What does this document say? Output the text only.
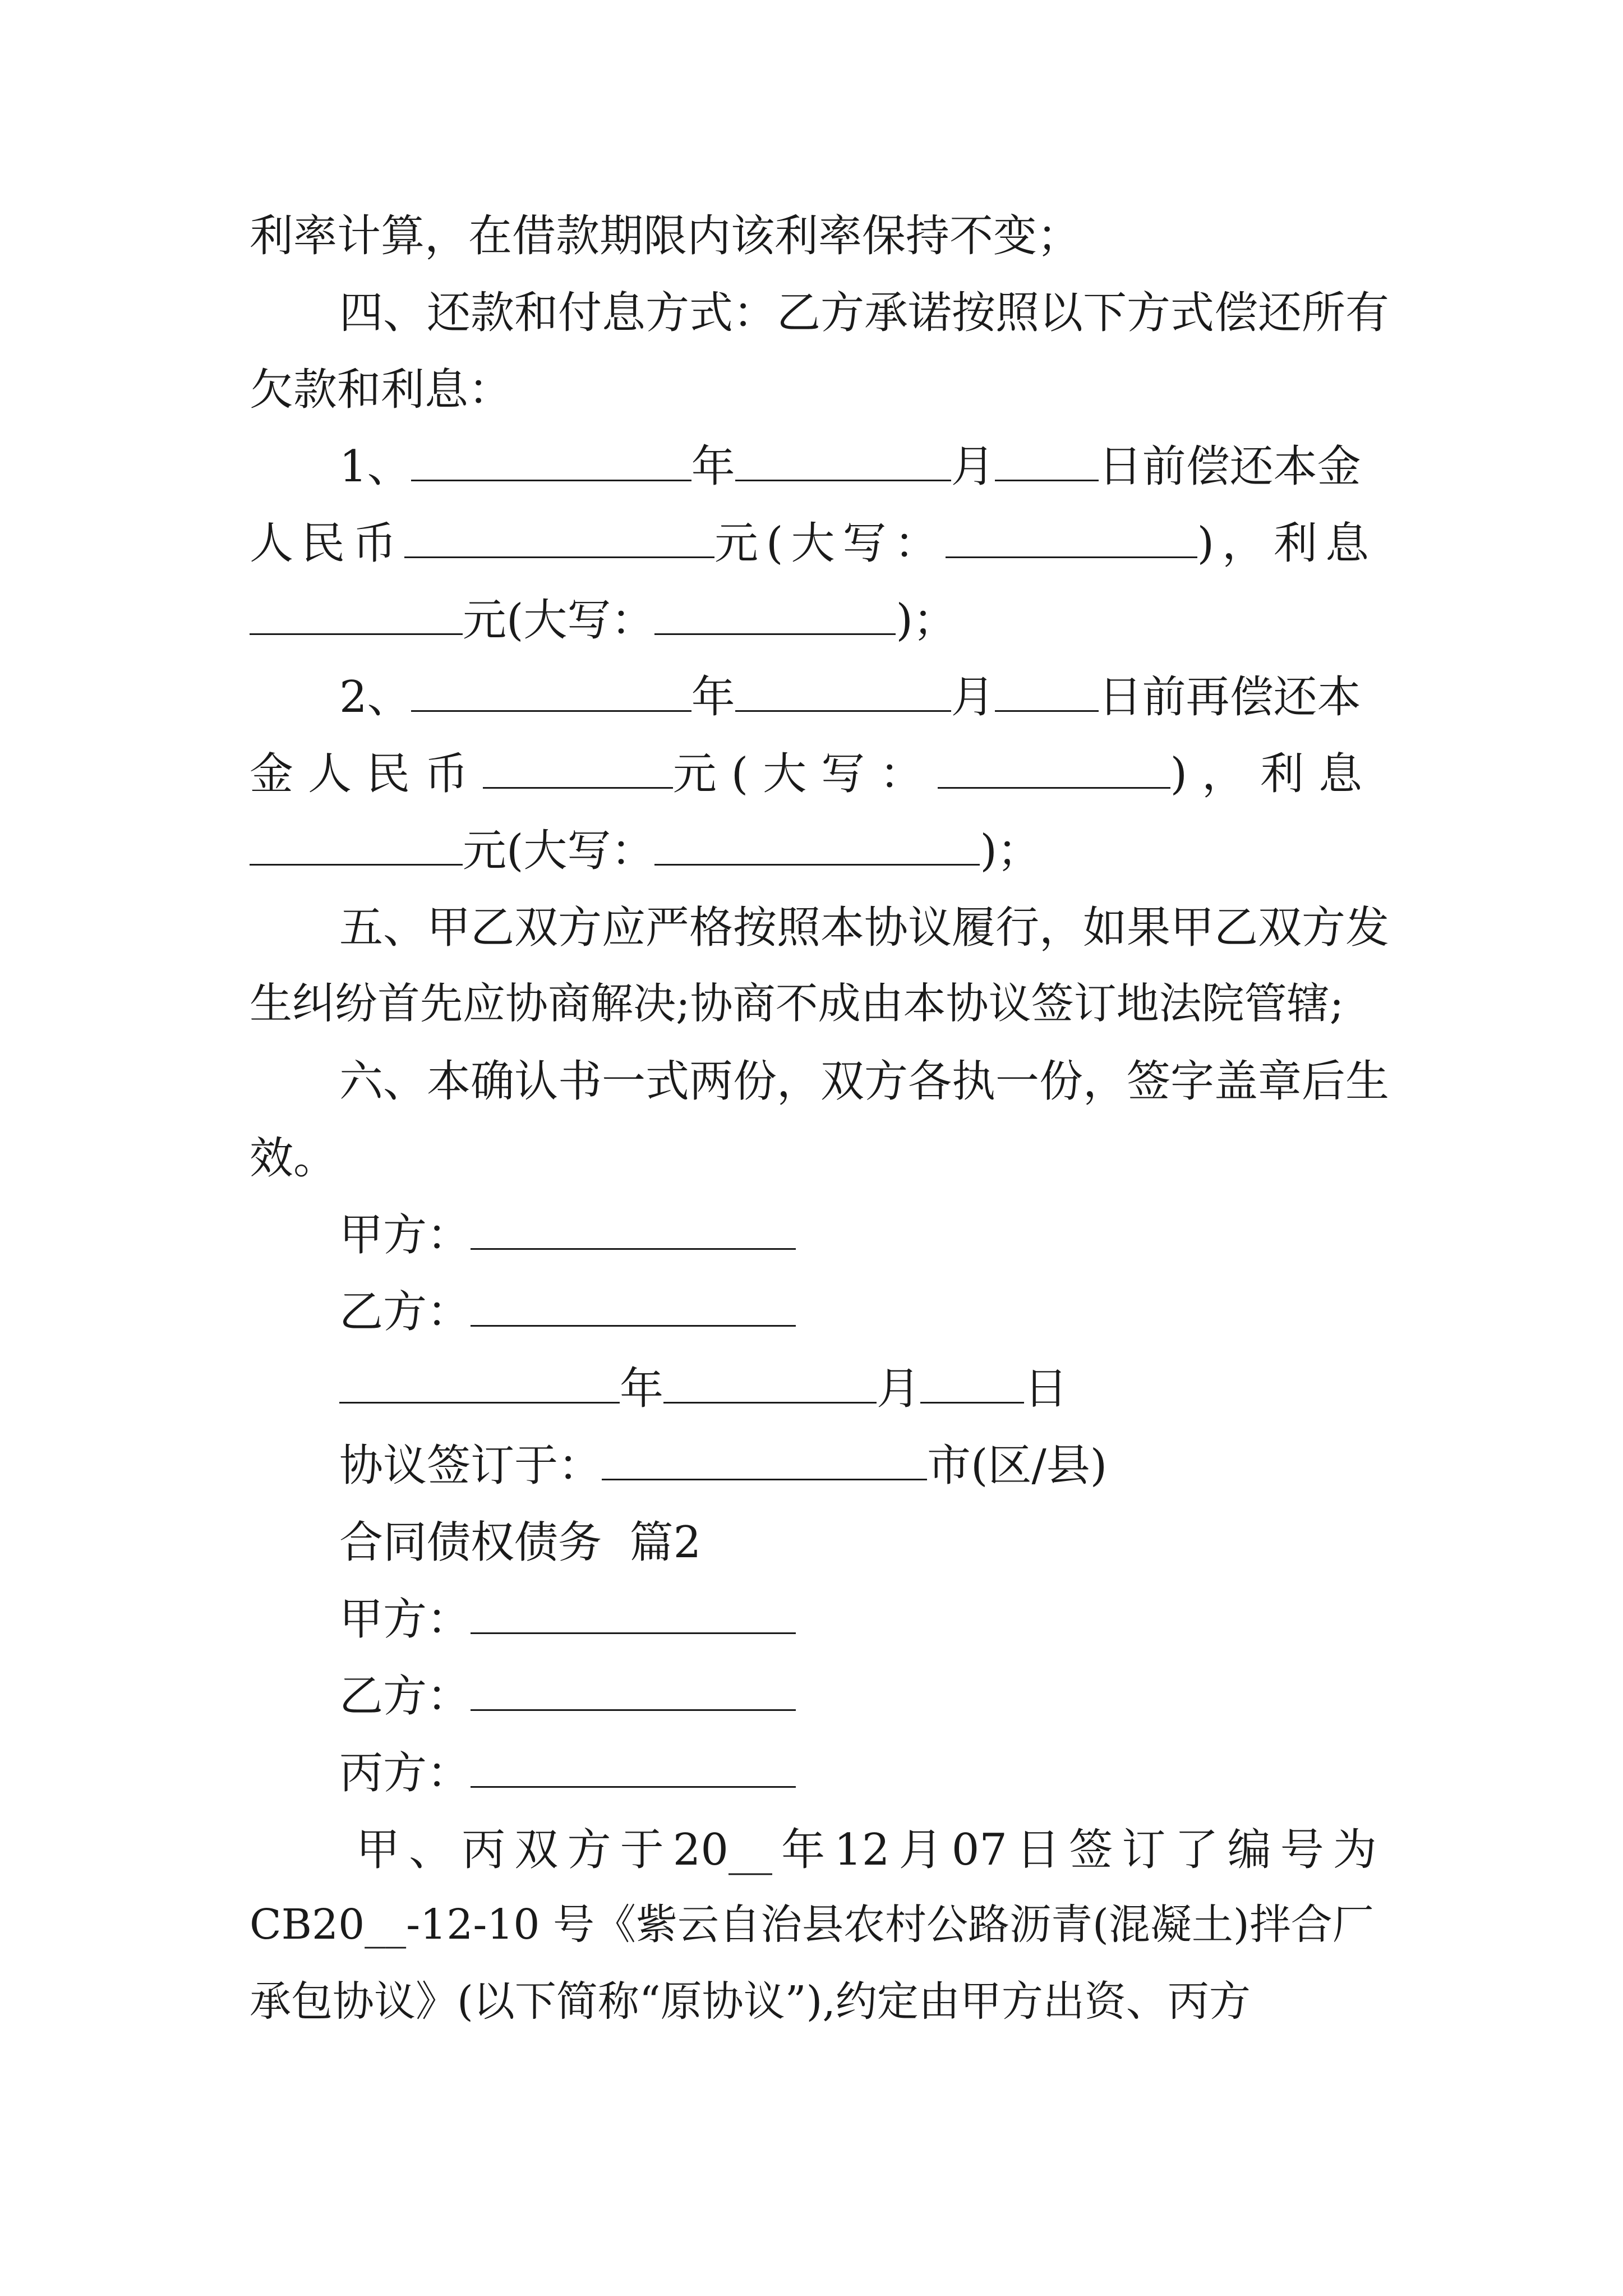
利率计算，在借款期限内该利率保持不变；
四、还款和付息方式：乙方承诺按照以下方式偿还所有
欠款和利息：
1、	年	月 日前偿还本金
人民币	元(大写：	)，利息
元(大写：	)；
2、	年	月 日前再偿还本
金人民币	元(大写：	)，利息
元(大写：	)；
五、甲乙双方应严格按照本协议履行，如果甲乙双方发
生纠纷首先应协商解决;协商不成由本协议签订地法院管辖;
六、本确认书一式两份，双方各执一份，签字盖章后生
效。
甲方：
乙方：
年	月 日
协议签订于：	市(区/县)
合同债权债务  篇2
甲方：
乙方：
丙方：
甲 、 丙 双 方 于 20__ 年 12 月 07 日 签 订 了 编 号 为
CB20__-12-10 号《紫云自治县农村公路沥青(混凝土)拌合厂
承包协议》(以下简称“原协议”),约定由甲方出资、丙方
